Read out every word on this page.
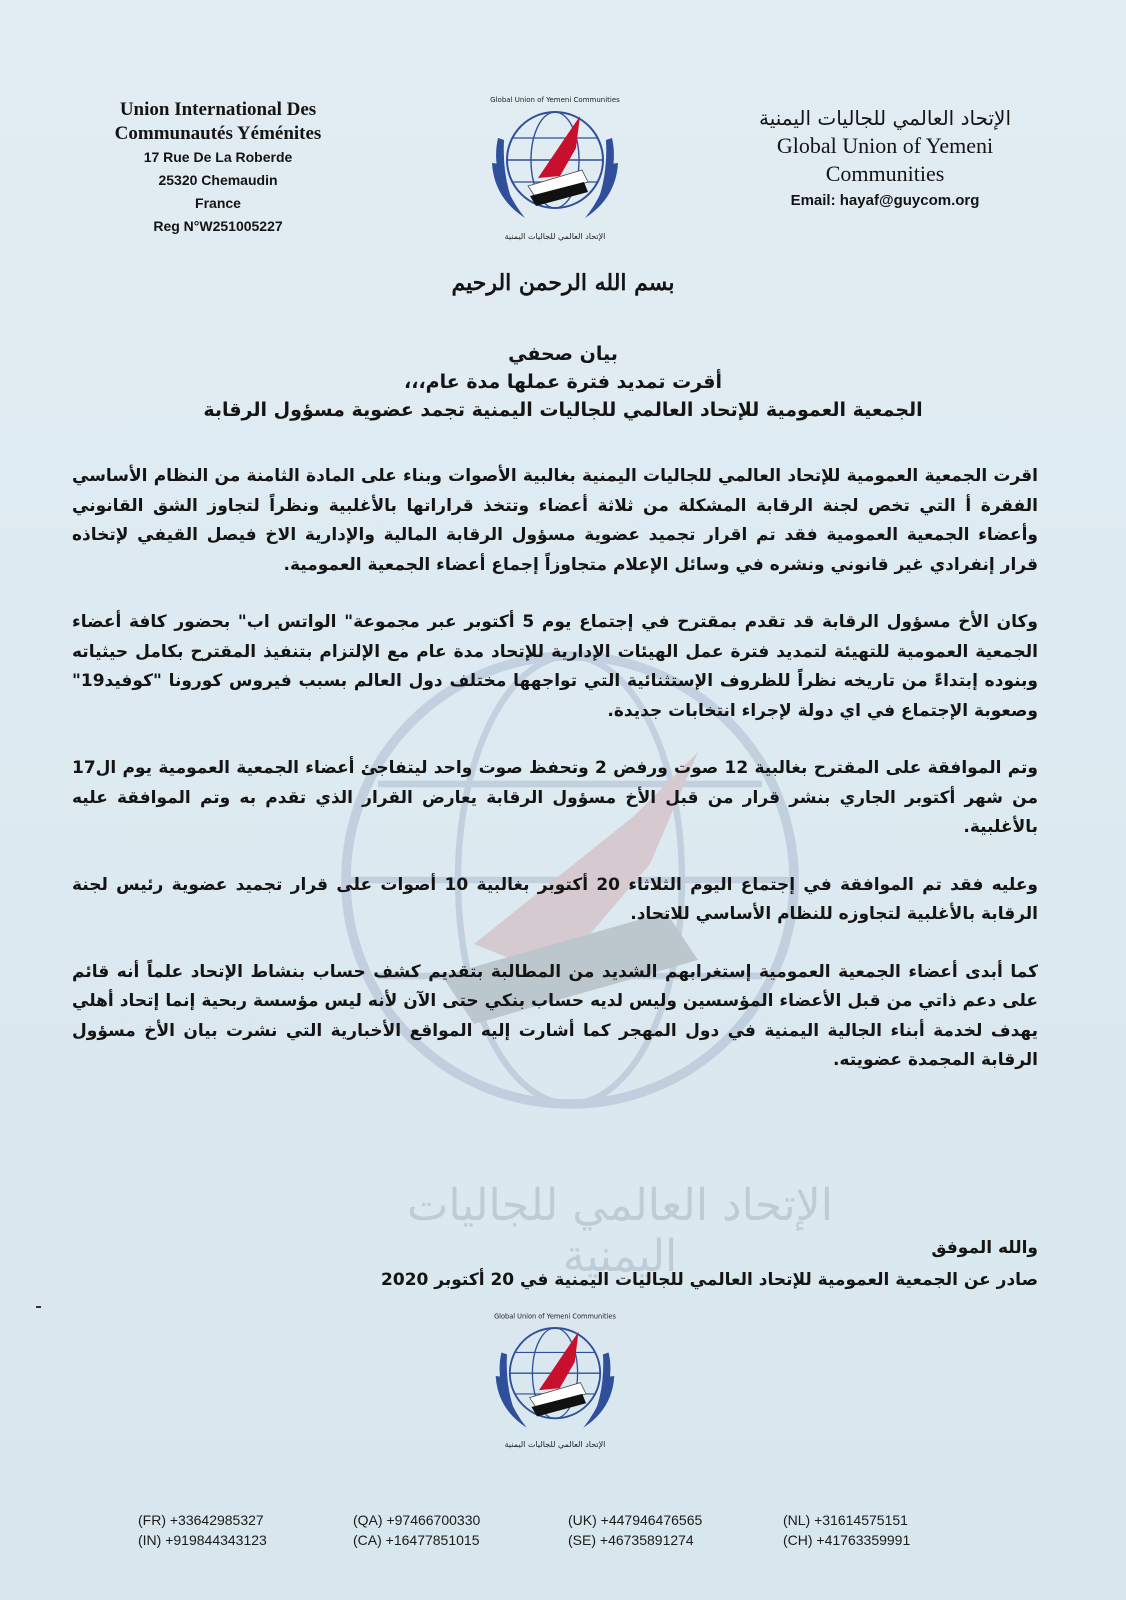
الإتحاد العالمي للجاليات اليمنية
Union International Des
Communautés Yéménites
17 Rue De La Roberde
25320 Chemaudin
France
Reg N°W251005227
Global Union of Yemeni Communities
الإتحاد العالمي للجاليات اليمنية
الإتحاد العالمي للجاليات اليمنية
Global Union of Yemeni
Communities
Email: hayaf@guycom.org
بسم الله الرحمن الرحيم
بيان صحفي
أقرت تمديد فترة عملها مدة عام،،،
الجمعية العمومية للإتحاد العالمي للجاليات اليمنية تجمد عضوية مسؤول الرقابة

اقرت الجمعية العمومية للإتحاد العالمي للجاليات اليمنية بغالبية الأصوات وبناء على المادة الثامنة من النظام الأساسي الفقرة أ التي تخص لجنة الرقابة المشكلة من ثلاثة أعضاء وتتخذ قراراتها بالأغلبية ونظراً لتجاوز الشق القانوني وأعضاء الجمعية العمومية فقد تم اقرار تجميد عضوية مسؤول الرقابة المالية والإدارية الاخ فيصل القيفي لإتخاذه قرار إنفرادي غير قانوني ونشره في وسائل الإعلام متجاوزاً إجماع أعضاء الجمعية العمومية.

وكان الأخ مسؤول الرقابة قد تقدم بمقترح في إجتماع يوم 5 أكتوبر عبر مجموعة" الواتس اب" بحضور كافة أعضاء الجمعية العمومية للتهيئة لتمديد فترة عمل الهيئات الإدارية للإتحاد مدة عام مع الإلتزام بتنفيذ المقترح بكامل حيثياته وبنوده إبتداءً من تاريخه نظراً للظروف الإستثنائية التي تواجهها مختلف دول العالم بسبب فيروس كورونا "كوفيد19" وصعوبة الإجتماع في اي دولة لإجراء انتخابات جديدة.

وتم الموافقة على المقترح بغالبية 12 صوت ورفض 2 وتحفظ صوت واحد ليتفاجئ أعضاء الجمعية العمومية يوم ال17 من شهر أكتوبر الجاري بنشر قرار من قبل الأخ مسؤول الرقابة يعارض القرار الذي تقدم به وتم الموافقة عليه بالأغلبية.

وعليه فقد تم الموافقة في إجتماع اليوم الثلاثاء 20 أكتوبر بغالبية 10 أصوات على قرار تجميد عضوية رئيس لجنة الرقابة بالأغلبية لتجاوزه للنظام الأساسي للاتحاد.

كما أبدى أعضاء الجمعية العمومية إستغرابهم الشديد من المطالبة بتقديم كشف حساب بنشاط الإتحاد علماً أنه قائم على دعم ذاتي من قبل الأعضاء المؤسسين وليس لديه حساب بنكي حتى الآن لأنه ليس مؤسسة ربحية إنما إتحاد أهلي يهدف لخدمة أبناء الجالية اليمنية في دول المهجر كما أشارت إليه المواقع الأخبارية التي نشرت بيان الأخ مسؤول الرقابة المجمدة عضويته.

والله الموفق
صادر عن الجمعية العمومية للإتحاد العالمي للجاليات اليمنية في 20 أكتوبر 2020
Global Union of Yemeni Communities
الإتحاد العالمي للجاليات اليمنية
(FR) +33642985327	(QA) +97466700330	(UK) +447946476565	(NL) +31614575151
(IN) +919844343123	(CA) +16477851015	(SE) +46735891274	(CH) +41763359991
